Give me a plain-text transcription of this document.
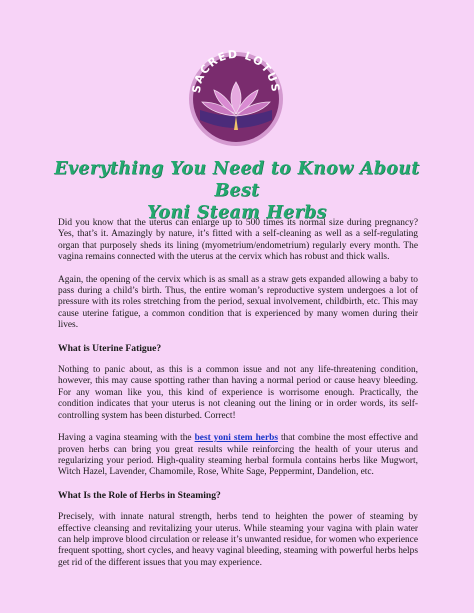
SACRED LOTUS
Everything You Need to Know About Best
Yoni Steam Herbs

Did you know that the uterus can enlarge up to 500 times its normal size during pregnancy? Yes, that’s it. Amazingly by nature, it’s fitted with a self-cleaning as well as a self-regulating organ that purposely sheds its lining (myometrium/endometrium) regularly every month. The vagina remains connected with the uterus at the cervix which has robust and thick walls.

Again, the opening of the cervix which is as small as a straw gets expanded allowing a baby to pass during a child’s birth. Thus, the entire woman’s reproductive system undergoes a lot of pressure with its roles stretching from the period, sexual involvement, childbirth, etc. This may cause uterine fatigue, a common condition that is experienced by many women during their lives.

What is Uterine Fatigue?

Nothing to panic about, as this is a common issue and not any life-threatening condition, however, this may cause spotting rather than having a normal period or cause heavy bleeding. For any woman like you, this kind of experience is worrisome enough. Practically, the condition indicates that your uterus is not cleaning out the lining or in order words, its self-controlling system has been disturbed. Correct!

Having a vagina steaming with the best yoni stem herbs that combine the most effective and proven herbs can bring you great results while reinforcing the health of your uterus and regularizing your period. High-quality steaming herbal formula contains herbs like Mugwort, Witch Hazel, Lavender, Chamomile, Rose, White Sage, Peppermint, Dandelion, etc.

What Is the Role of Herbs in Steaming?

Precisely, with innate natural strength, herbs tend to heighten the power of steaming by effective cleansing and revitalizing your uterus. While steaming your vagina with plain water can help improve blood circulation or release it’s unwanted residue, for women who experience frequent spotting, short cycles, and heavy vaginal bleeding, steaming with powerful herbs helps get rid of the different issues that you may experience.
